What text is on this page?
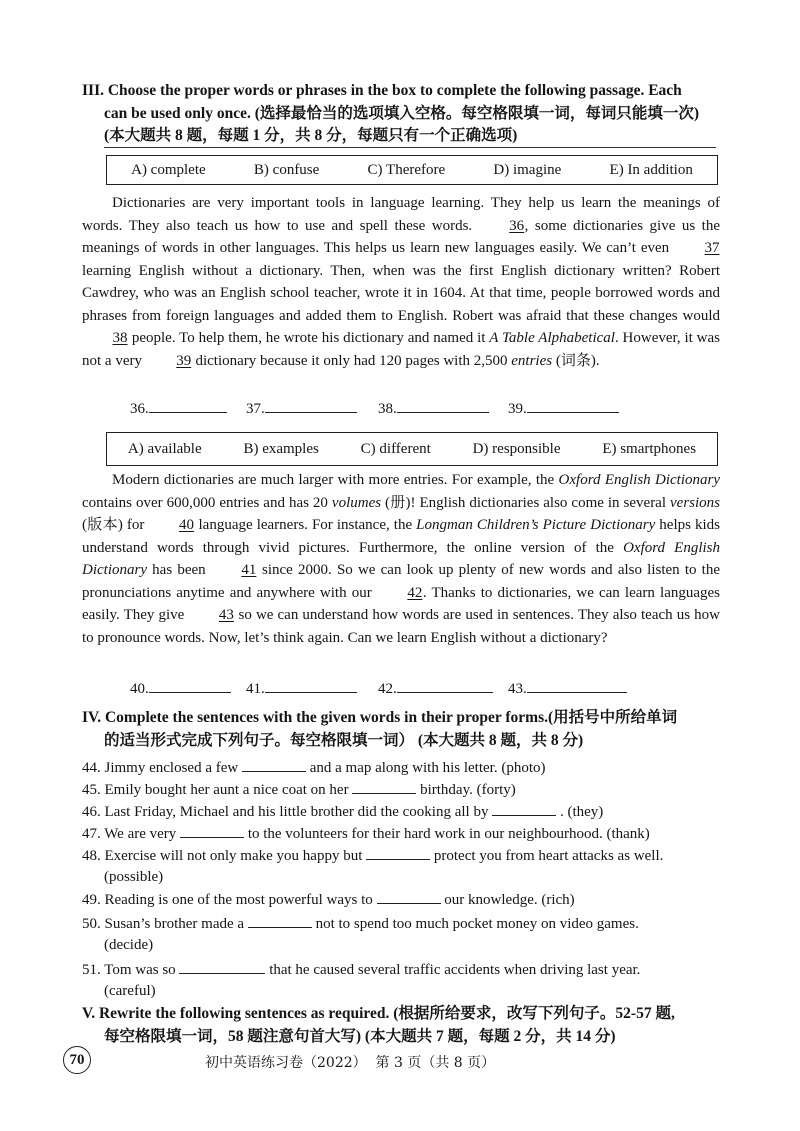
III. Choose the proper words or phrases in the box to complete the following passage. Each
can be used only once. (选择最恰当的选项填入空格。每空格限填一词，每词只能填一次)
(本大题共 8 题，每题 1 分，共 8 分，每题只有一个正确选项)
A) complete	B) confuse	C) Therefore	D) imagine	E) In addition
Dictionaries are very important tools in language learning. They help us learn the meanings of words. They also teach us how to use and spell these words. 36, some dictionaries give us the meanings of words in other languages. This helps us learn new languages easily. We can’t even 37 learning English without a dictionary. Then, when was the first English dictionary written? Robert Cawdrey, who was an English school teacher, wrote it in 1604. At that time, people borrowed words and phrases from foreign languages and added them to English. Robert was afraid that these changes would 38 people. To help them, he wrote his dictionary and named it A Table Alphabetical. However, it was not a very 39 dictionary because it only had 120 pages with 2,500 entries (词条).
36.	37.	38.	39.
A) available	B) examples	C) different	D) responsible	E) smartphones
Modern dictionaries are much larger with more entries. For example, the Oxford English Dictionary contains over 600,000 entries and has 20 volumes (册)! English dictionaries also come in several versions (版本) for 40 language learners. For instance, the Longman Children’s Picture Dictionary helps kids understand words through vivid pictures. Furthermore, the online version of the Oxford English Dictionary has been 41 since 2000. So we can look up plenty of new words and also listen to the pronunciations anytime and anywhere with our 42. Thanks to dictionaries, we can learn languages easily. They give 43 so we can understand how words are used in sentences. They also teach us how to pronounce words. Now, let’s think again. Can we learn English without a dictionary?
40.	41.	42.	43.
IV. Complete the sentences with the given words in their proper forms.(用括号中所给单词
的适当形式完成下列句子。每空格限填一词） (本大题共 8 题，共 8 分)
44. Jimmy enclosed a few	and a map along with his letter. (photo)
45. Emily bought her aunt a nice coat on her	birthday. (forty)
46. Last Friday, Michael and his little brother did the cooking all by	. (they)
47. We are very	to the volunteers for their hard work in our neighbourhood. (thank)
48. Exercise will not only make you happy but	protect you from heart attacks as well.
(possible)
49. Reading is one of the most powerful ways to	our knowledge. (rich)
50. Susan’s brother made a	not to spend too much pocket money on video games.
(decide)
51. Tom was so	that he caused several traffic accidents when driving last year.
(careful)
V. Rewrite the following sentences as required. (根据所给要求，改写下列句子。52-57 题,
每空格限填一词，58 题注意句首大写) (本大题共 7 题，每题 2 分，共 14 分)
70	初中英语练习卷（2022）  第 3 页（共 8 页）
